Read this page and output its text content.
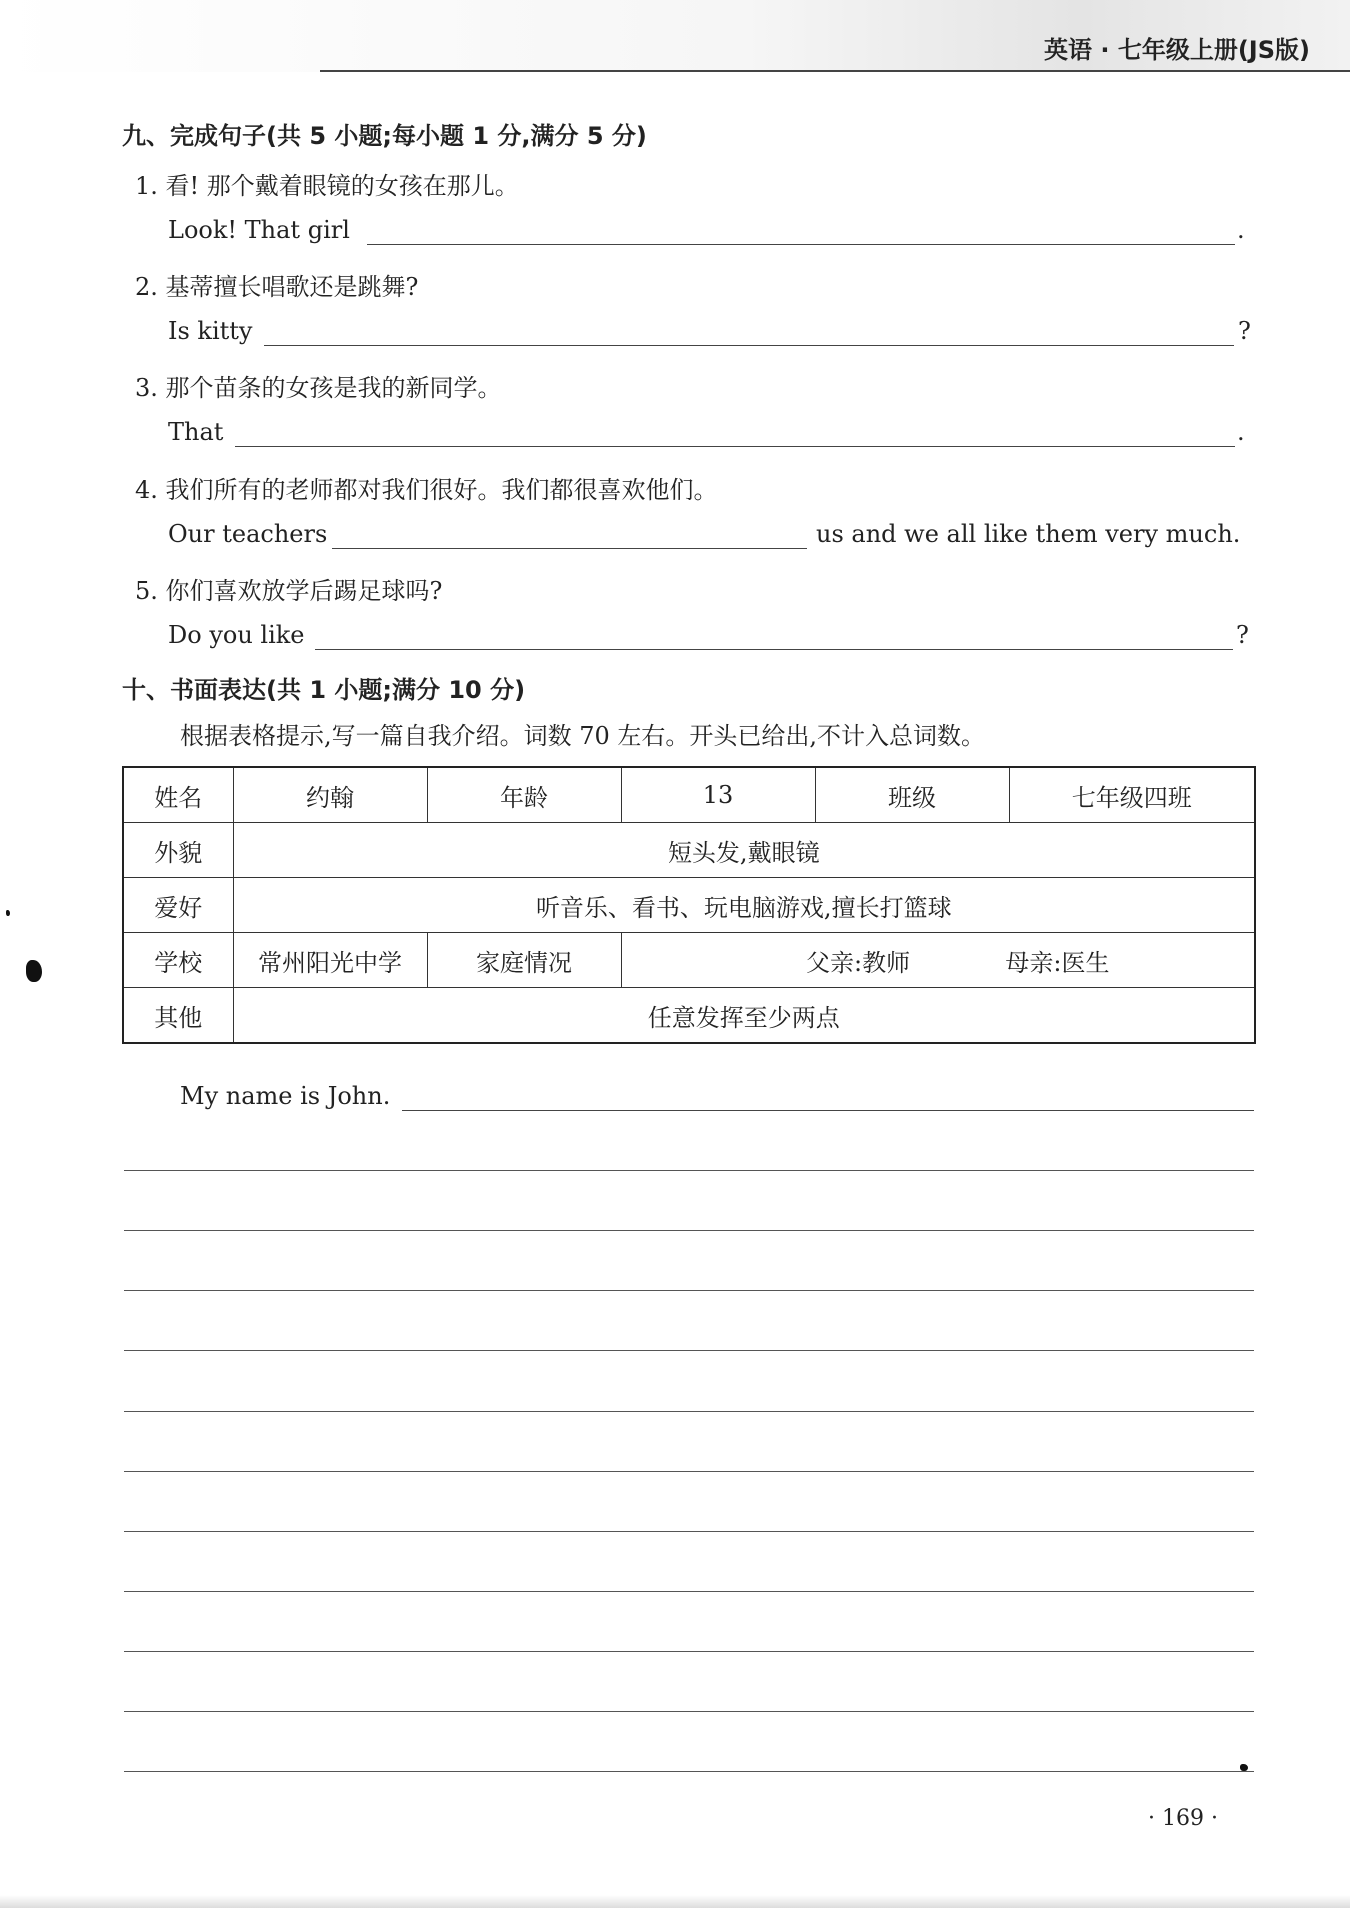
英语 · 七年级上册(JS版)
九、完成句子(共 5 小题;每小题 1 分,满分 5 分)
1. 看! 那个戴着眼镜的女孩在那儿。
Look! That girl	.
2. 基蒂擅长唱歌还是跳舞?
Is kitty	?
3. 那个苗条的女孩是我的新同学。
That	.
4. 我们所有的老师都对我们很好。我们都很喜欢他们。
Our teachers	us and we all like them very much.
5. 你们喜欢放学后踢足球吗?
Do you like	?
十、书面表达(共 1 小题;满分 10 分)
根据表格提示,写一篇自我介绍。词数 70 左右。开头已给出,不计入总词数。
姓名	约翰	年龄	13	班级	七年级四班
外貌	短头发,戴眼镜				
爱好	听音乐、看书、玩电脑游戏,擅长打篮球				
学校	常州阳光中学	家庭情况	父亲:教师 母亲:医生		
其他	任意发挥至少两点				
My name is John.
· 169 ·
